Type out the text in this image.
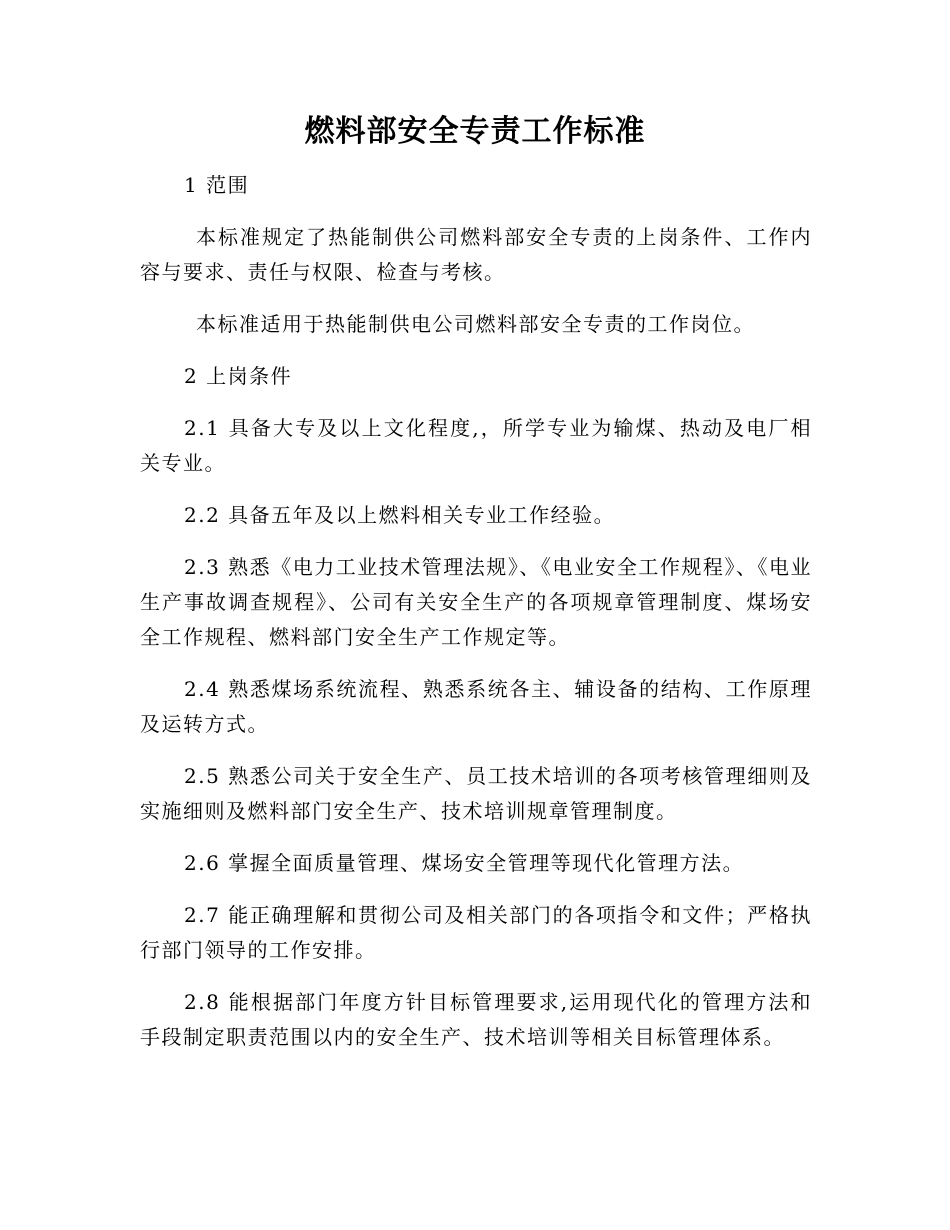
燃料部安全专责工作标准

1 范围

本标准规定了热能制供公司燃料部安全专责的上岗条件、工作内容与要求、责任与权限、检查与考核。

本标准适用于热能制供电公司燃料部安全专责的工作岗位。

2 上岗条件

2.1 具备大专及以上文化程度,，所学专业为输煤、热动及电厂相关专业。

2.2 具备五年及以上燃料相关专业工作经验。

2.3 熟悉《电力工业技术管理法规》、《电业安全工作规程》、《电业生产事故调查规程》、公司有关安全生产的各项规章管理制度、煤场安全工作规程、燃料部门安全生产工作规定等。

2.4 熟悉煤场系统流程、熟悉系统各主、辅设备的结构、工作原理及运转方式。

2.5 熟悉公司关于安全生产、员工技术培训的各项考核管理细则及实施细则及燃料部门安全生产、技术培训规章管理制度。

2.6 掌握全面质量管理、煤场安全管理等现代化管理方法。

2.7 能正确理解和贯彻公司及相关部门的各项指令和文件；严格执行部门领导的工作安排。

2.8 能根据部门年度方针目标管理要求,运用现代化的管理方法和手段制定职责范围以内的安全生产、技术培训等相关目标管理体系。
